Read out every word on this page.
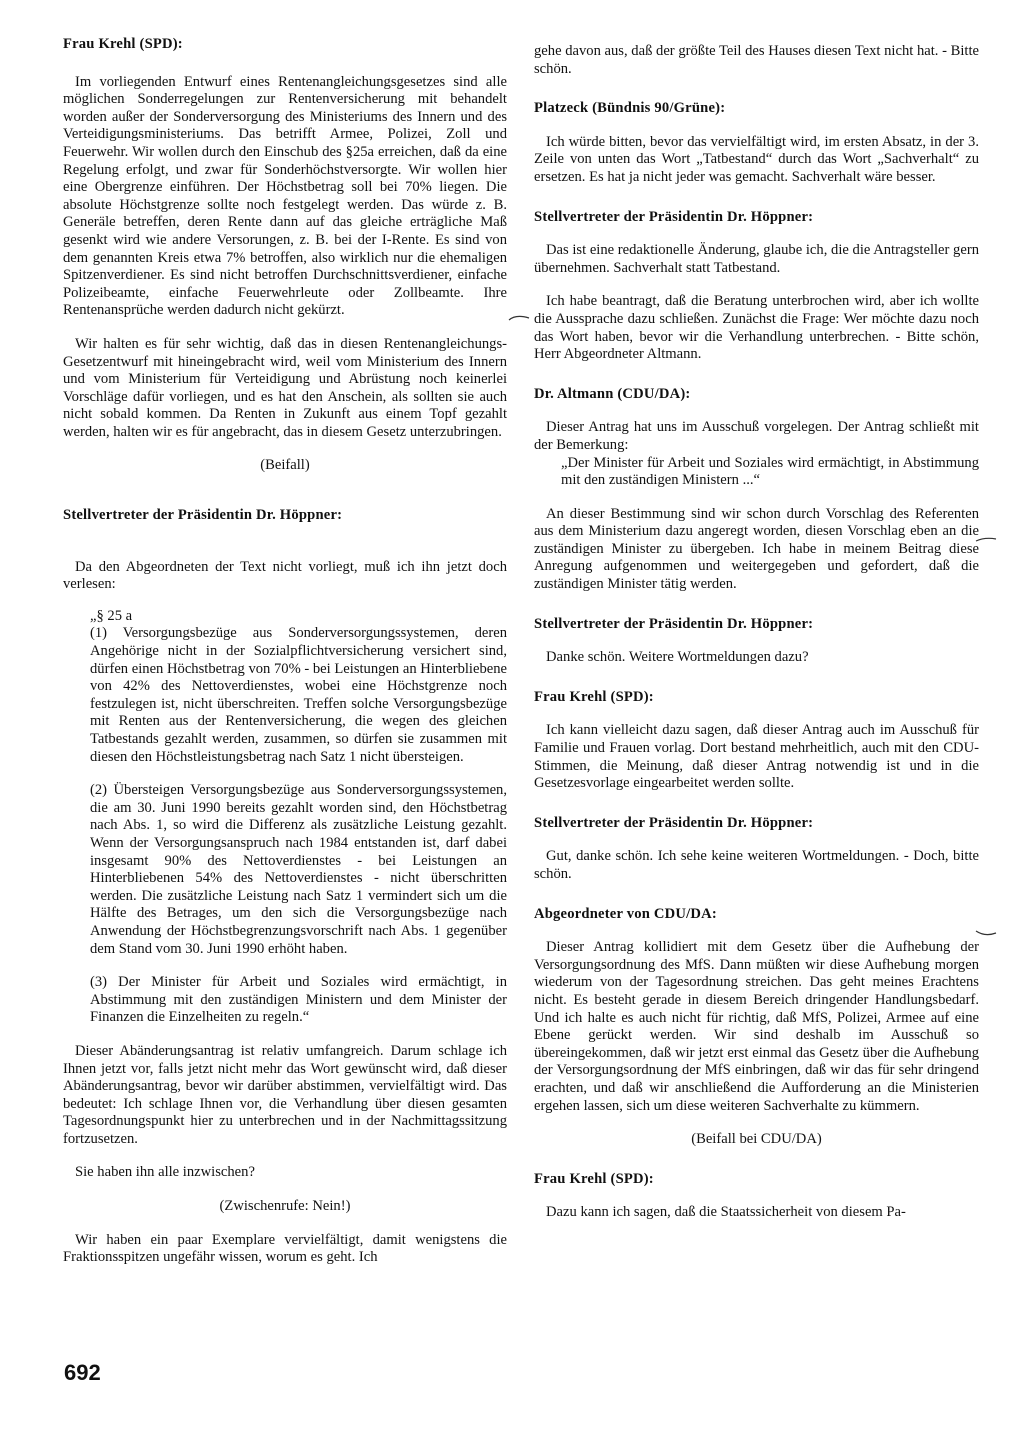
Frau Krehl (SPD):

Im vorliegenden Entwurf eines Rentenangleichungsgesetzes sind alle möglichen Sonderregelungen zur Rentenversicherung mit behandelt worden außer der Sonderversorgung des Ministeriums des Innern und des Verteidigungsministeriums. Das betrifft Armee, Polizei, Zoll und Feuerwehr. Wir wollen durch den Einschub des §25a erreichen, daß da eine Regelung erfolgt, und zwar für Sonderhöchstversorgte. Wir wollen hier eine Obergrenze einführen. Der Höchstbetrag soll bei 70% liegen. Die absolute Höchstgrenze sollte noch festgelegt werden. Das würde z. B. Generäle betreffen, deren Rente dann auf das gleiche erträgliche Maß gesenkt wird wie andere Versorungen, z. B. bei der I-Rente. Es sind von dem genannten Kreis etwa 7% betroffen, also wirklich nur die ehemaligen Spitzenverdiener. Es sind nicht betroffen Durchschnittsverdiener, einfache Polizeibeamte, einfache Feuerwehrleute oder Zollbeamte. Ihre Rentenansprüche werden dadurch nicht gekürzt.

Wir halten es für sehr wichtig, daß das in diesen Rentenangleichungs-Gesetzentwurf mit hineingebracht wird, weil vom Ministerium des Innern und vom Ministerium für Verteidigung und Abrüstung noch keinerlei Vorschläge dafür vorliegen, und es hat den Anschein, als sollten sie auch nicht sobald kommen. Da Renten in Zukunft aus einem Topf gezahlt werden, halten wir es für angebracht, das in diesem Gesetz unterzubringen.

(Beifall)

Stellvertreter der Präsidentin Dr. Höppner:

Da den Abgeordneten der Text nicht vorliegt, muß ich ihn jetzt doch verlesen:

„§ 25 a

(1) Versorgungsbezüge aus Sonderversorgungssystemen, deren Angehörige nicht in der Sozialpflichtversicherung versichert sind, dürfen einen Höchstbetrag von 70% - bei Leistungen an Hinterbliebene von 42% des Nettoverdienstes, wobei eine Höchstgrenze noch festzulegen ist, nicht überschreiten. Treffen solche Versorgungsbezüge mit Renten aus der Rentenversicherung, die wegen des gleichen Tatbestands gezahlt werden, zusammen, so dürfen sie zusammen mit diesen den Höchstleistungsbetrag nach Satz 1 nicht übersteigen.

(2) Übersteigen Versorgungsbezüge aus Sonderversorgungssystemen, die am 30. Juni 1990 bereits gezahlt worden sind, den Höchstbetrag nach Abs. 1, so wird die Differenz als zusätzliche Leistung gezahlt. Wenn der Versorgungsanspruch nach 1984 entstanden ist, darf dabei insgesamt 90% des Nettoverdienstes - bei Leistungen an Hinterbliebenen 54% des Nettoverdienstes - nicht überschritten werden. Die zusätzliche Leistung nach Satz 1 vermindert sich um die Hälfte des Betrages, um den sich die Versorgungsbezüge nach Anwendung der Höchstbegrenzungsvorschrift nach Abs. 1 gegenüber dem Stand vom 30. Juni 1990 erhöht haben.

(3) Der Minister für Arbeit und Soziales wird ermächtigt, in Abstimmung mit den zuständigen Ministern und dem Minister der Finanzen die Einzelheiten zu regeln.“

Dieser Abänderungsantrag ist relativ umfangreich. Darum schlage ich Ihnen jetzt vor, falls jetzt nicht mehr das Wort gewünscht wird, daß dieser Abänderungsantrag, bevor wir darüber abstimmen, vervielfältigt wird. Das bedeutet: Ich schlage Ihnen vor, die Verhandlung über diesen gesamten Tagesordnungspunkt hier zu unterbrechen und in der Nachmittagssitzung fortzusetzen.

Sie haben ihn alle inzwischen?

(Zwischenrufe: Nein!)

Wir haben ein paar Exemplare vervielfältigt, damit wenigstens die Fraktionsspitzen ungefähr wissen, worum es geht. Ich

gehe davon aus, daß der größte Teil des Hauses diesen Text nicht hat. - Bitte schön.

Platzeck (Bündnis 90/Grüne):

Ich würde bitten, bevor das vervielfältigt wird, im ersten Absatz, in der 3. Zeile von unten das Wort „Tatbestand“ durch das Wort „Sachverhalt“ zu ersetzen. Es hat ja nicht jeder was gemacht. Sachverhalt wäre besser.

Stellvertreter der Präsidentin Dr. Höppner:

Das ist eine redaktionelle Änderung, glaube ich, die die Antragsteller gern übernehmen. Sachverhalt statt Tatbestand.

Ich habe beantragt, daß die Beratung unterbrochen wird, aber ich wollte die Aussprache dazu schließen. Zunächst die Frage: Wer möchte dazu noch das Wort haben, bevor wir die Verhandlung unterbrechen. - Bitte schön, Herr Abgeordneter Altmann.

Dr. Altmann (CDU/DA):

Dieser Antrag hat uns im Ausschuß vorgelegen. Der Antrag schließt mit der Bemerkung:

„Der Minister für Arbeit und Soziales wird ermächtigt, in Abstimmung mit den zuständigen Ministern ...“

An dieser Bestimmung sind wir schon durch Vorschlag des Referenten aus dem Ministerium dazu angeregt worden, diesen Vorschlag eben an die zuständigen Minister zu übergeben. Ich habe in meinem Beitrag diese Anregung aufgenommen und weitergegeben und gefordert, daß die zuständigen Minister tätig werden.

Stellvertreter der Präsidentin Dr. Höppner:

Danke schön. Weitere Wortmeldungen dazu?

Frau Krehl (SPD):

Ich kann vielleicht dazu sagen, daß dieser Antrag auch im Ausschuß für Familie und Frauen vorlag. Dort bestand mehrheitlich, auch mit den CDU-Stimmen, die Meinung, daß dieser Antrag notwendig ist und in die Gesetzesvorlage eingearbeitet werden sollte.

Stellvertreter der Präsidentin Dr. Höppner:

Gut, danke schön. Ich sehe keine weiteren Wortmeldungen. - Doch, bitte schön.

Abgeordneter von CDU/DA:

Dieser Antrag kollidiert mit dem Gesetz über die Aufhebung der Versorgungsordnung des MfS. Dann müßten wir diese Aufhebung morgen wiederum von der Tagesordnung streichen. Das geht meines Erachtens nicht. Es besteht gerade in diesem Bereich dringender Handlungsbedarf. Und ich halte es auch nicht für richtig, daß MfS, Polizei, Armee auf eine Ebene gerückt werden. Wir sind deshalb im Ausschuß so übereingekommen, daß wir jetzt erst einmal das Gesetz über die Aufhebung der Versorgungsordnung der MfS einbringen, daß wir das für sehr dringend erachten, und daß wir anschließend die Aufforderung an die Ministerien ergehen lassen, sich um diese weiteren Sachverhalte zu kümmern.

(Beifall bei CDU/DA)

Frau Krehl (SPD):

Dazu kann ich sagen, daß die Staatssicherheit von diesem Pa-

692
